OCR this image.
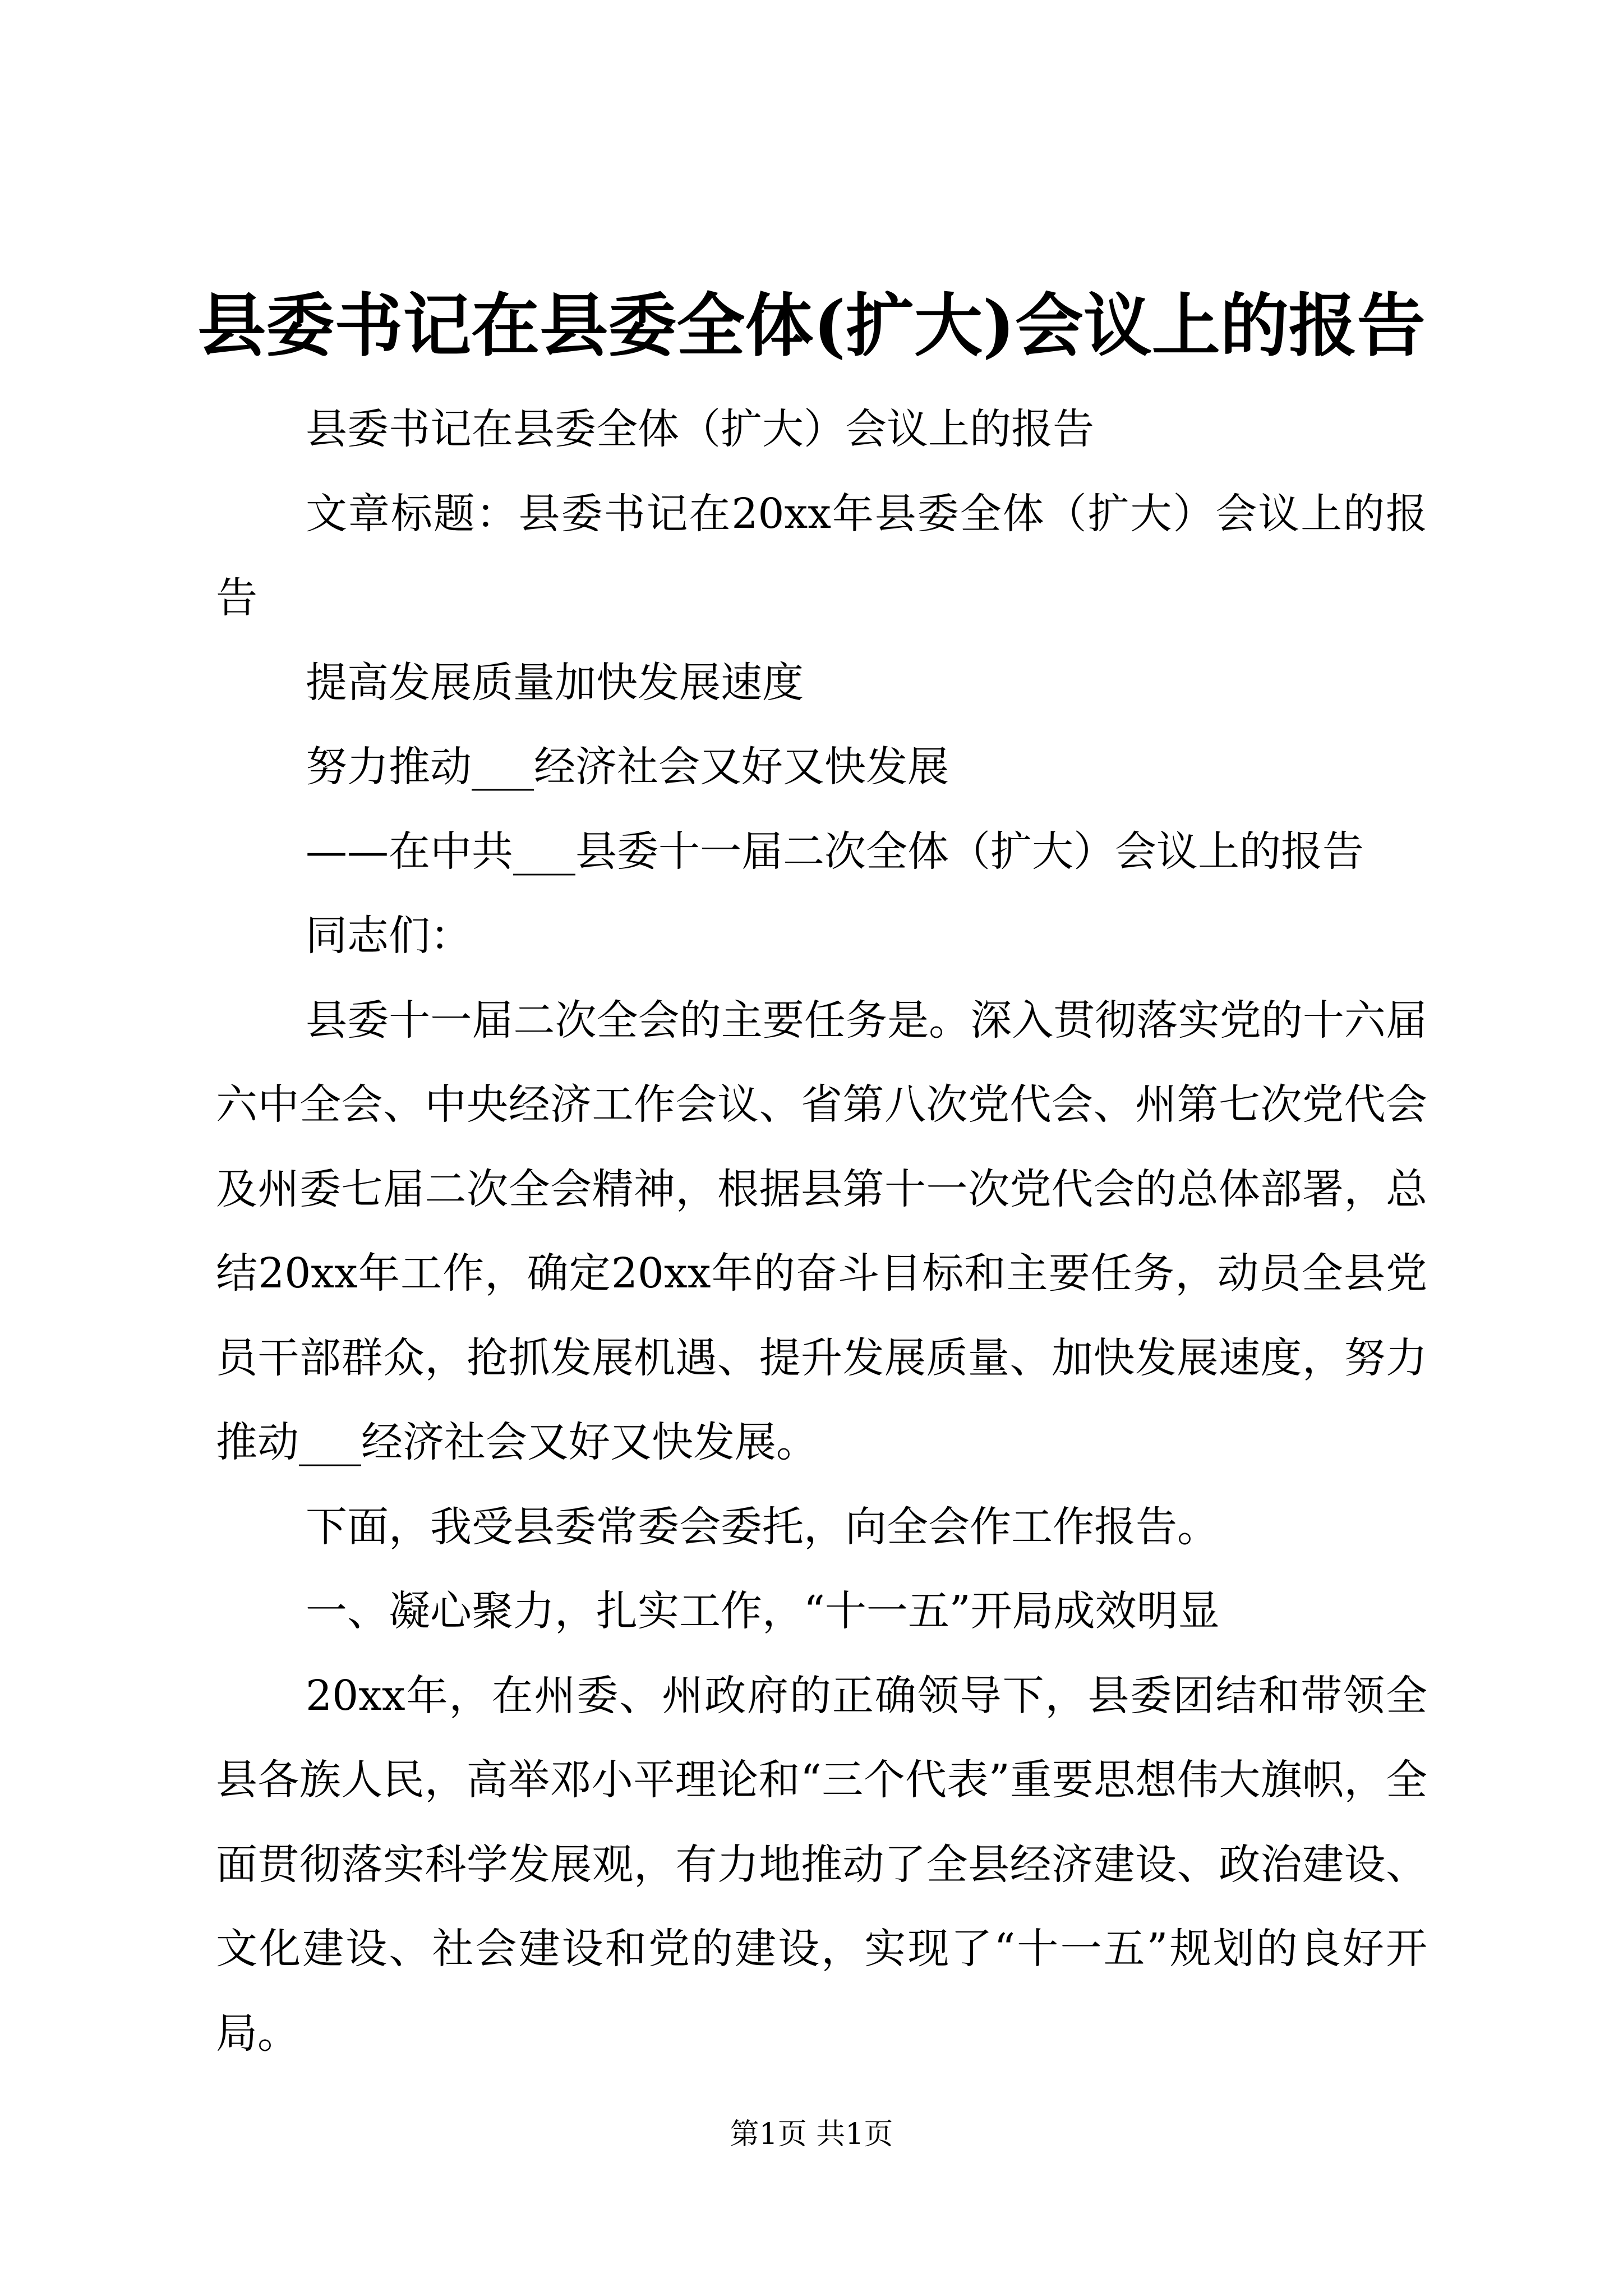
县委书记在县委全体(扩大)会议上的报告

县委书记在县委全体（扩大）会议上的报告

文章标题：县委书记在20xx年县委全体（扩大）会议上的报告

提高发展质量加快发展速度

努力推动___经济社会又好又快发展

——在中共___县委十一届二次全体（扩大）会议上的报告

同志们：

县委十一届二次全会的主要任务是。深入贯彻落实党的十六届六中全会、中央经济工作会议、省第八次党代会、州第七次党代会及州委七届二次全会精神，根据县第十一次党代会的总体部署，总结20xx年工作，确定20xx年的奋斗目标和主要任务，动员全县党员干部群众，抢抓发展机遇、提升发展质量、加快发展速度，努力推动___经济社会又好又快发展。

下面，我受县委常委会委托，向全会作工作报告。

一、凝心聚力，扎实工作，“十一五”开局成效明显

20xx年，在州委、州政府的正确领导下，县委团结和带领全县各族人民，高举邓小平理论和“三个代表”重要思想伟大旗帜，全面贯彻落实科学发展观，有力地推动了全县经济建设、政治建设、文化建设、社会建设和党的建设，实现了“十一五”规划的良好开局。

第1页 共1页
